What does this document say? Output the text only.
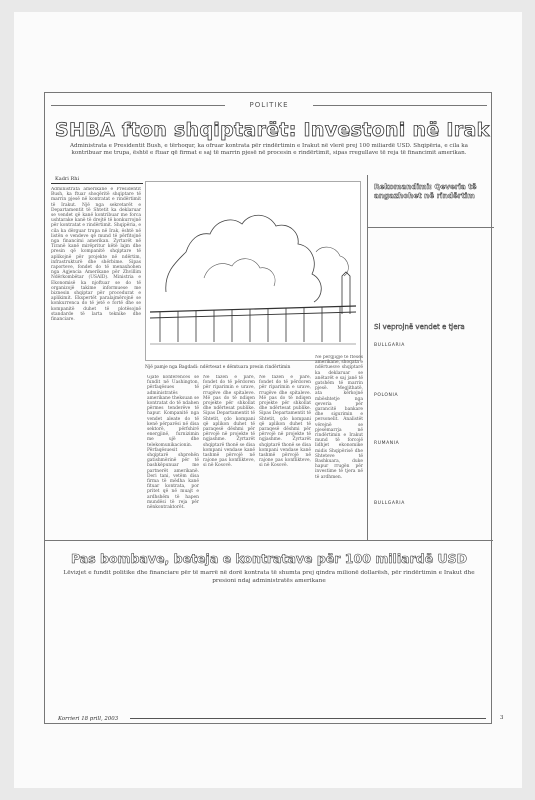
POLITIKE
SHBA fton shqiptarët: Investoni në Irak
Administrata e Presidentit Bush, e tërhoqur, ka ofruar kontrata për rindërtimin e Irakut në vlerë prej 100 miliardë USD. Shqipëria, e cila ka kontribuar me trupa, është e ftuar që firmat e saj të marrin pjesë në procesin e rindërtimit, sipas rregullave të reja të financimit amerikan.
Kadri Rhi
Administrata amerikane e Presidentit Bush, ka ftuar shoqëritë shqiptare të marrin pjesë në kontratat e rindërtimit të Irakut. Një nga sekretarët e Departamentit të Shtetit ka deklaruar se vendet që kanë kontribuar me forca ushtarake kanë të drejtë të konkurrojnë për kontratat e rindërtimit. Shqipëria, e cila ka dërguar trupa në Irak, është në listën e vendeve që mund të përfitojnë nga financimi amerikan. Zyrtarët në Tiranë kanë mirëpritur këtë lajm dhe presin që kompanitë shqiptare të aplikojnë për projekte në ndërtim, infrastrukturë dhe shërbime. Sipas raporteve, fondet do të menaxhohen nga Agjencia Amerikane për Zhvillim Ndërkombëtar (USAID). Ministria e Ekonomisë ka njoftuar se do të organizojë takime informuese me biznesin shqiptar për procedurat e aplikimit. Ekspertët paralajmërojnë se konkurrenca do të jetë e fortë dhe se kompanitë duhet të plotësojnë standarde të larta teknike dhe financiare.
Një pamje nga Bagdadi: ndërtesat e dëmtuara presin rindërtimin
Gjatë konferencës së fundit në Uashington, përfaqësues të administratës amerikane theksuan se kontratat do të ndahen përmes tenderëve të hapur. Kompanitë nga vendet aleate do të kenë përparësi në disa sektorë, përfshirë energjinë, furnizimin me ujë dhe telekomunikacionin. Përfaqësuesit shqiptarë shprehën gatishmërinë për të bashkëpunuar me partnerët amerikanë. Deri tani, vetëm disa firma të mëdha kanë fituar kontrata, por pritet që në muajt e ardhshëm të hapen mundësi të reja për nënkontraktorët.
Në fazën e parë, fondet do të përdoren për riparimin e urave, rrugëve dhe spitaleve. Më pas do të ndiqen projekte për shkollat dhe ndërtesat publike. Sipas Departamentit të Shtetit, çdo kompani që aplikon duhet të paraqesë dëshmi për përvojë në projekte të ngjashme. Zyrtarët shqiptarë thonë se disa kompani vendase kanë tashmë përvojë në rajone pas konflikteve, si në Kosovë.
Në fazën e parë, fondet do të përdoren për riparimin e urave, rrugëve dhe spitaleve. Më pas do të ndiqen projekte për shkollat dhe ndërtesat publike. Sipas Departamentit të Shtetit, çdo kompani që aplikon duhet të paraqesë dëshmi për përvojë në projekte të ngjashme. Zyrtarët shqiptarë thonë se disa kompani vendase kanë tashmë përvojë në rajone pas konflikteve, si në Kosovë.
Në përgjigje të ftesës amerikane, shoqata e ndërtuesve shqiptarë ka deklaruar se anëtarët e saj janë të gatshëm të marrin pjesë. Megjithatë, ata kërkojnë mbështetje nga qeveria për garancitë bankare dhe sigurimin e personelit. Analistët vërejnë se pjesëmarrja në rindërtimin e Irakut mund të forcojë lidhjet ekonomike midis Shqipërisë dhe Shteteve të Bashkuara, duke hapur rrugën për investime të tjera në të ardhmen.
Rekomandimi: Qeveria të angazhohet në rindërtim
Si veprojnë vendet e tjera
BULLGARIA
POLONIA
RUMANIA
BULLGARIA
Pas bombave, beteja e kontratave për 100 miliardë USD
Lëvizjet e fundit politike dhe financiare për të marrë në dorë kontrata të shumta prej qindra milionë dollarësh, për rindërtimin e Irakut dhe presioni ndaj administratës amerikane
Korrieri 18 prill, 2003	3
